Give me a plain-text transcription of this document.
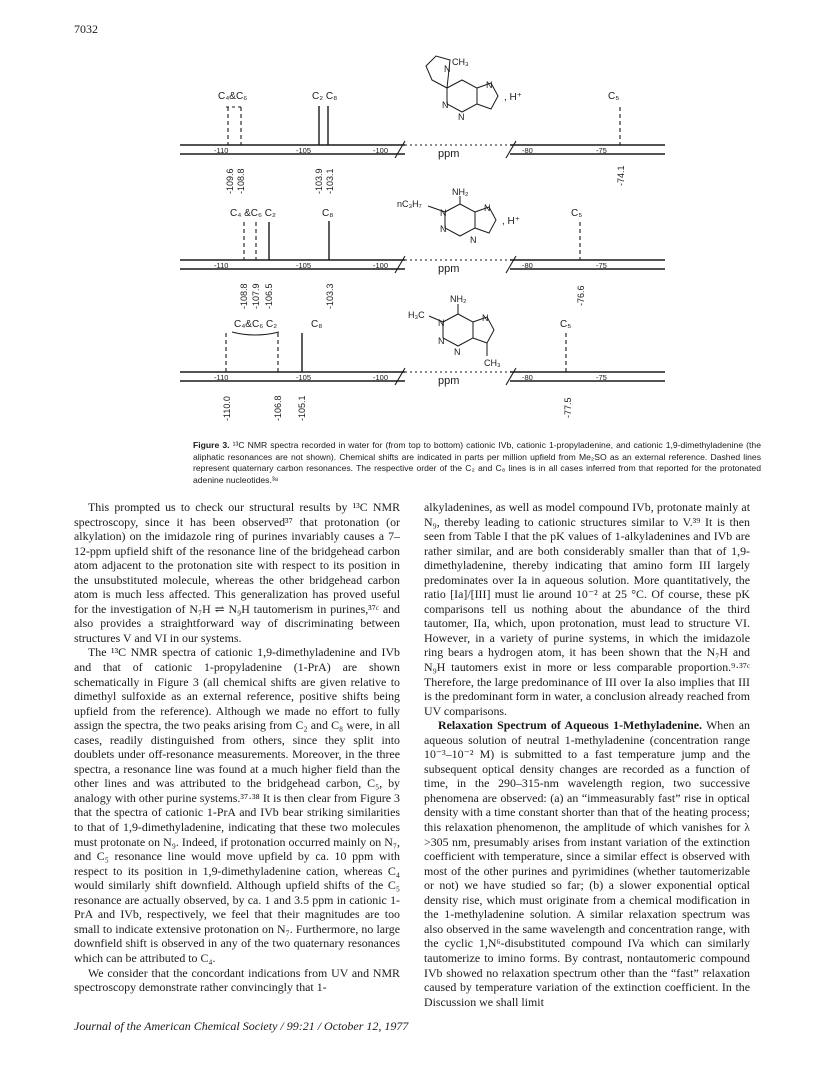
7032
C₄&C₆	C₂ C₈	C₅
-110	-105	-100	-80	-75
ppm
-109.6 -108.8	-103.9 -103.1	-74.1
CH₃
N
N
N
N
, H⁺
C₄ &C₆ C₂	C₈	C₅
-110	-105	-100	-80	-75
ppm
-108.8 -107.9 -106.5	-103.3	-76.6
NH₂
nC₃H₇
N
N
N
N
, H⁺
C₄&C₆ C₂	C₈	C₅
-110	-105	-100	-80	-75
ppm
-110.0	-106.8 -105.1	-77.5
NH₂
H₃C
N
N
N
N
CH₃
Figure 3. ¹³C NMR spectra recorded in water for (from top to bottom) cationic IVb, cationic 1-propyladenine, and cationic 1,9-dimethyladenine (the aliphatic resonances are not shown). Chemical shifts are indicated in parts per million upfield from Me₂SO as an external reference. Dashed lines represent quaternary carbon resonances. The respective order of the C₂ and C₈ lines is in all cases inferred from that reported for the protonated adenine nucleotides.³⁸

This prompted us to check our structural results by ¹³C NMR spectroscopy, since it has been observed³⁷ that protonation (or alkylation) on the imidazole ring of purines invariably causes a 7–12-ppm upfield shift of the resonance line of the bridgehead carbon atom adjacent to the protonation site with respect to its position in the unsubstituted molecule, whereas the other bridgehead carbon atom is much less affected. This generalization has proved useful for the investigation of N₇H ⇌ N₉H tautomerism in purines,³⁷ᶜ and also provides a straightforward way of discriminating between structures V and VI in our systems.

The ¹³C NMR spectra of cationic 1,9-dimethyladenine and IVb and that of cationic 1-propyladenine (1-PrA) are shown schematically in Figure 3 (all chemical shifts are given relative to dimethyl sulfoxide as an external reference, positive shifts being upfield from the reference). Although we made no effort to fully assign the spectra, the two peaks arising from C₂ and C₈ were, in all cases, readily distinguished from others, since they split into doublets under off-resonance measurements. Moreover, in the three spectra, a resonance line was found at a much higher field than the other lines and was attributed to the bridgehead carbon, C₅, by analogy with other purine systems.³⁷·³⁸ It is then clear from Figure 3 that the spectra of cationic 1-PrA and IVb bear striking similarities to that of 1,9-dimethyladenine, indicating that these two molecules must protonate on N₉. Indeed, if protonation occurred mainly on N₇, and C₅ resonance line would move upfield by ca. 10 ppm with respect to its position in 1,9-dimethyladenine cation, whereas C₄ would similarly shift downfield. Although upfield shifts of the C₅ resonance are actually observed, by ca. 1 and 3.5 ppm in cationic 1-PrA and IVb, respectively, we feel that their magnitudes are too small to indicate extensive protonation on N₇. Furthermore, no large downfield shift is observed in any of the two quaternary resonances which can be attributed to C₄.

We consider that the concordant indications from UV and NMR spectroscopy demonstrate rather convincingly that 1-

alkyladenines, as well as model compound IVb, protonate mainly at N₉, thereby leading to cationic structures similar to V.³⁹ It is then seen from Table I that the pK values of 1-alkyladenines and IVb are rather similar, and are both considerably smaller than that of 1,9-dimethyladenine, thereby indicating that amino form III largely predominates over Ia in aqueous solution. More quantitatively, the ratio [Ia]/[III] must lie around 10⁻² at 25 °C. Of course, these pK comparisons tell us nothing about the abundance of the third tautomer, IIa, which, upon protonation, must lead to structure VI. However, in a variety of purine systems, in which the imidazole ring bears a hydrogen atom, it has been shown that the N₇H and N₉H tautomers exist in more or less comparable proportion.⁹·³⁷ᶜ Therefore, the large predominance of III over Ia also implies that III is the predominant form in water, a conclusion already reached from UV comparisons.

Relaxation Spectrum of Aqueous 1-Methyladenine. When an aqueous solution of neutral 1-methyladenine (concentration range 10⁻³–10⁻² M) is submitted to a fast temperature jump and the subsequent optical density changes are recorded as a function of time, in the 290–315-nm wavelength region, two successive phenomena are observed: (a) an “immeasurably fast” rise in optical density with a time constant shorter than that of the heating process; this relaxation phenomenon, the amplitude of which vanishes for λ >305 nm, presumably arises from instant variation of the extinction coefficient with temperature, since a similar effect is observed with most of the other purines and pyrimidines (whether tautomerizable or not) we have studied so far; (b) a slower exponential optical density rise, which must originate from a chemical modification in the 1-methyladenine solution. A similar relaxation spectrum was also observed in the same wavelength and concentration range, with the cyclic 1,N⁶-disubstituted compound IVa which can similarly tautomerize to imino forms. By contrast, nontautomeric compound IVb showed no relaxation spectrum other than the “fast” relaxation caused by temperature variation of the extinction coefficient. In the Discussion we shall limit

Journal of the American Chemical Society / 99:21 / October 12, 1977
